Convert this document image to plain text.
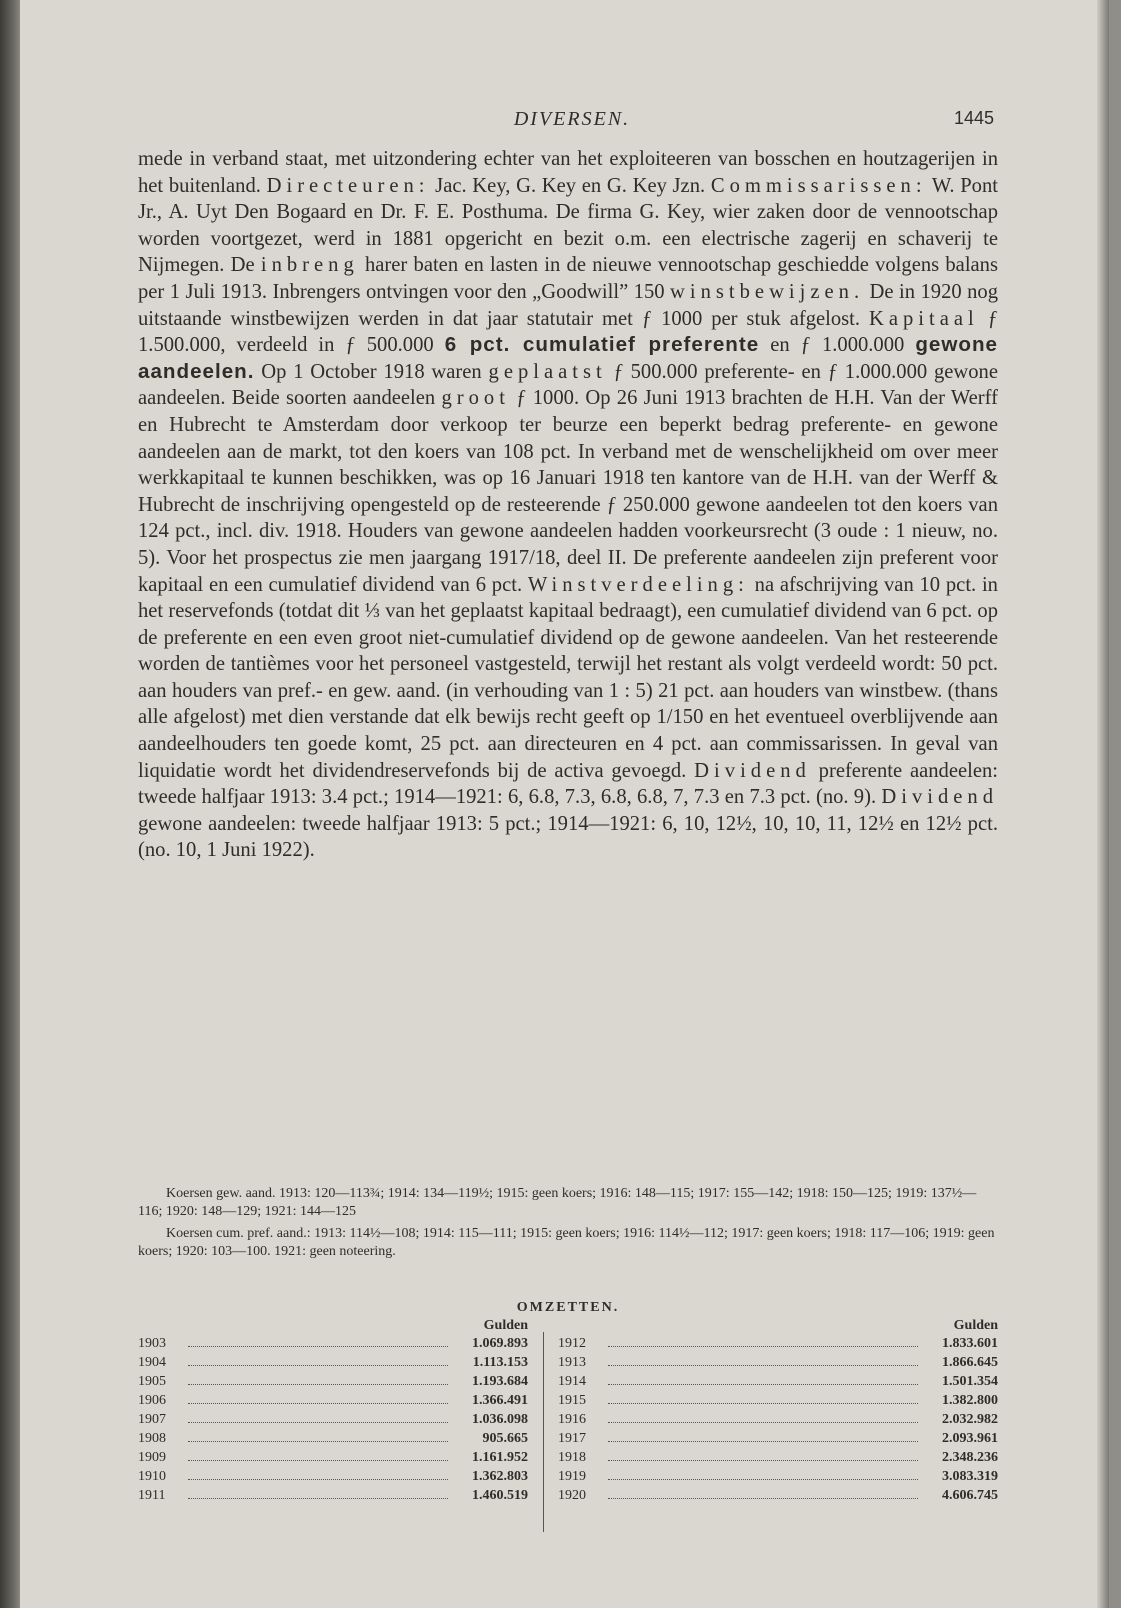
DIVERSEN.	1445

mede in verband staat, met uitzondering echter van het exploiteeren van bosschen en houtzagerijen in het buitenland. Directeuren: Jac. Key, G. Key en G. Key Jzn. Commissarissen: W. Pont Jr., A. Uyt Den Bogaard en Dr. F. E. Posthuma. De firma G. Key, wier zaken door de vennootschap worden voortgezet, werd in 1881 opgericht en bezit o.m. een electrische zagerij en schaverij te Nijmegen. De inbreng harer baten en lasten in de nieuwe vennootschap geschiedde volgens balans per 1 Juli 1913. Inbrengers ontvingen voor den „Goodwill” 150 winstbewijzen. De in 1920 nog uitstaande winstbewijzen werden in dat jaar statutair met ƒ 1000 per stuk afgelost. Kapitaal ƒ 1.500.000, verdeeld in ƒ 500.000 6 pct. cumulatief preferente en ƒ 1.000.000 gewone aandeelen. Op 1 October 1918 waren geplaatst ƒ 500.000 preferente- en ƒ 1.000.000 gewone aandeelen. Beide soorten aandeelen groot ƒ 1000. Op 26 Juni 1913 brachten de H.H. Van der Werff en Hubrecht te Amsterdam door verkoop ter beurze een beperkt bedrag preferente- en gewone aandeelen aan de markt, tot den koers van 108 pct. In verband met de wenschelijkheid om over meer werkkapitaal te kunnen beschikken, was op 16 Januari 1918 ten kantore van de H.H. van der Werff & Hubrecht de inschrijving opengesteld op de resteerende ƒ 250.000 gewone aandeelen tot den koers van 124 pct., incl. div. 1918. Houders van gewone aandeelen hadden voorkeursrecht (3 oude : 1 nieuw, no. 5). Voor het prospectus zie men jaargang 1917/18, deel II. De preferente aandeelen zijn preferent voor kapitaal en een cumulatief dividend van 6 pct. Winstverdeeling: na afschrijving van 10 pct. in het reservefonds (totdat dit ⅓ van het geplaatst kapitaal bedraagt), een cumulatief dividend van 6 pct. op de preferente en een even groot niet-cumulatief dividend op de gewone aandeelen. Van het resteerende worden de tantièmes voor het personeel vastgesteld, terwijl het restant als volgt verdeeld wordt: 50 pct. aan houders van pref.- en gew. aand. (in verhouding van 1 : 5) 21 pct. aan houders van winstbew. (thans alle afgelost) met dien verstande dat elk bewijs recht geeft op 1/150 en het eventueel overblijvende aan aandeelhouders ten goede komt, 25 pct. aan directeuren en 4 pct. aan commissarissen. In geval van liquidatie wordt het dividendreservefonds bij de activa gevoegd. Dividend preferente aandeelen: tweede halfjaar 1913: 3.4 pct.; 1914—1921: 6, 6.8, 7.3, 6.8, 6.8, 7, 7.3 en 7.3 pct. (no. 9). Dividend gewone aandeelen: tweede halfjaar 1913: 5 pct.; 1914—1921: 6, 10, 12½, 10, 10, 11, 12½ en 12½ pct. (no. 10, 1 Juni 1922).

Koersen gew. aand. 1913: 120—113¾; 1914: 134—119½; 1915: geen koers; 1916: 148—115; 1917: 155—142; 1918: 150—125; 1919: 137½—116; 1920: 148—129; 1921: 144—125

Koersen cum. pref. aand.: 1913: 114½—108; 1914: 115—111; 1915: geen koers; 1916: 114½—112; 1917: geen koers; 1918: 117—106; 1919: geen koers; 1920: 103—100. 1921: geen noteering.

OMZETTEN.
Gulden
1903	1.069.893
1904	1.113.153
1905	1.193.684
1906	1.366.491
1907	1.036.098
1908	905.665
1909	1.161.952
1910	1.362.803
1911	1.460.519
Gulden
1912	1.833.601
1913	1.866.645
1914	1.501.354
1915	1.382.800
1916	2.032.982
1917	2.093.961
1918	2.348.236
1919	3.083.319
1920	4.606.745
